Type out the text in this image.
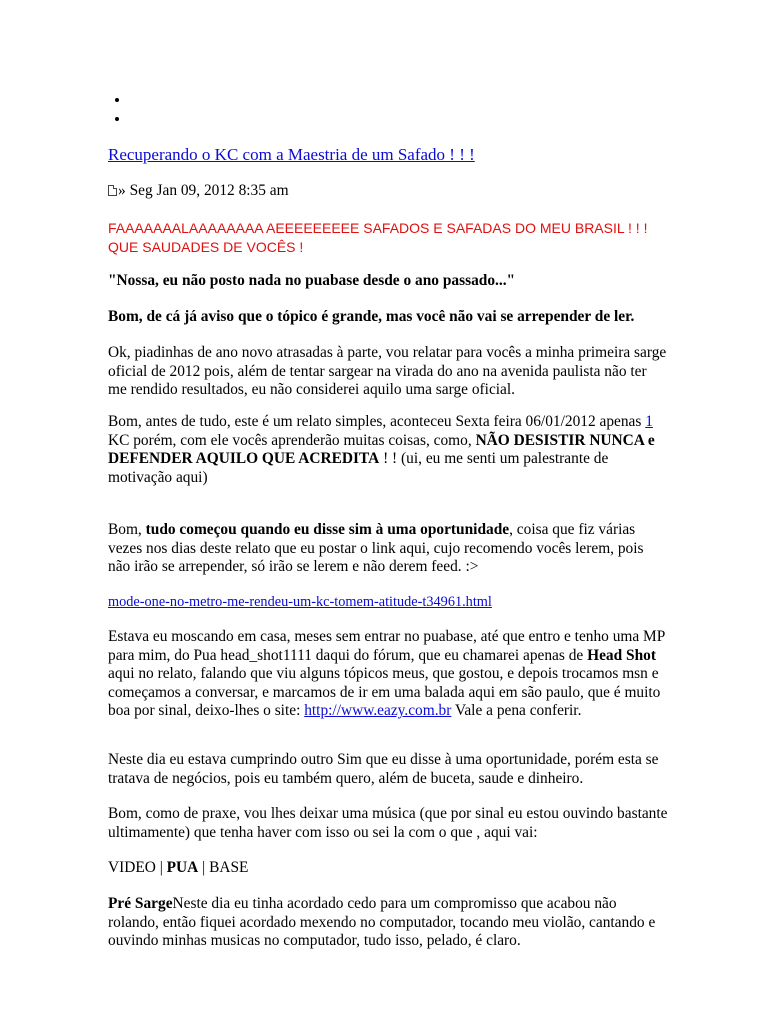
Recuperando o KC com a Maestria de um Safado ! ! !

» Seg Jan 09, 2012 8:35 am

FAAAAAAALAAAAAAAA AEEEEEEEEE SAFADOS E SAFADAS DO MEU BRASIL ! ! ! QUE SAUDADES DE VOCÊS !

"Nossa, eu não posto nada no puabase desde o ano passado..."

Bom, de cá já aviso que o tópico é grande, mas você não vai se arrepender de ler.

Ok, piadinhas de ano novo atrasadas à parte, vou relatar para vocês a minha primeira sarge oficial de 2012 pois, além de tentar sargear na virada do ano na avenida paulista não ter me rendido resultados, eu não considerei aquilo uma sarge oficial.

Bom, antes de tudo, este é um relato simples, aconteceu Sexta feira 06/01/2012 apenas 1 KC porém, com ele vocês aprenderão muitas coisas, como, NÃO DESISTIR NUNCA e DEFENDER AQUILO QUE ACREDITA ! ! (ui, eu me senti um palestrante de motivação aqui)

Bom, tudo começou quando eu disse sim à uma oportunidade, coisa que fiz várias vezes nos dias deste relato que eu postar o link aqui, cujo recomendo vocês lerem, pois não irão se arrepender, só irão se lerem e não derem feed. :>

mode-one-no-metro-me-rendeu-um-kc-tomem-atitude-t34961.html

Estava eu moscando em casa, meses sem entrar no puabase, até que entro e tenho uma MP para mim, do Pua head_shot1111 daqui do fórum, que eu chamarei apenas de Head Shot aqui no relato, falando que viu alguns tópicos meus, que gostou, e depois trocamos msn e começamos a conversar, e marcamos de ir em uma balada aqui em são paulo, que é muito boa por sinal, deixo-lhes o site: http://www.eazy.com.br Vale a pena conferir.

Neste dia eu estava cumprindo outro Sim que eu disse à uma oportunidade, porém esta se tratava de negócios, pois eu também quero, além de buceta, saude e dinheiro.

Bom, como de praxe, vou lhes deixar uma música (que por sinal eu estou ouvindo bastante ultimamente) que tenha haver com isso ou sei la com o que , aqui vai:

VIDEO | PUA | BASE

Pré SargeNeste dia eu tinha acordado cedo para um compromisso que acabou não rolando, então fiquei acordado mexendo no computador, tocando meu violão, cantando e ouvindo minhas musicas no computador, tudo isso, pelado, é claro.
